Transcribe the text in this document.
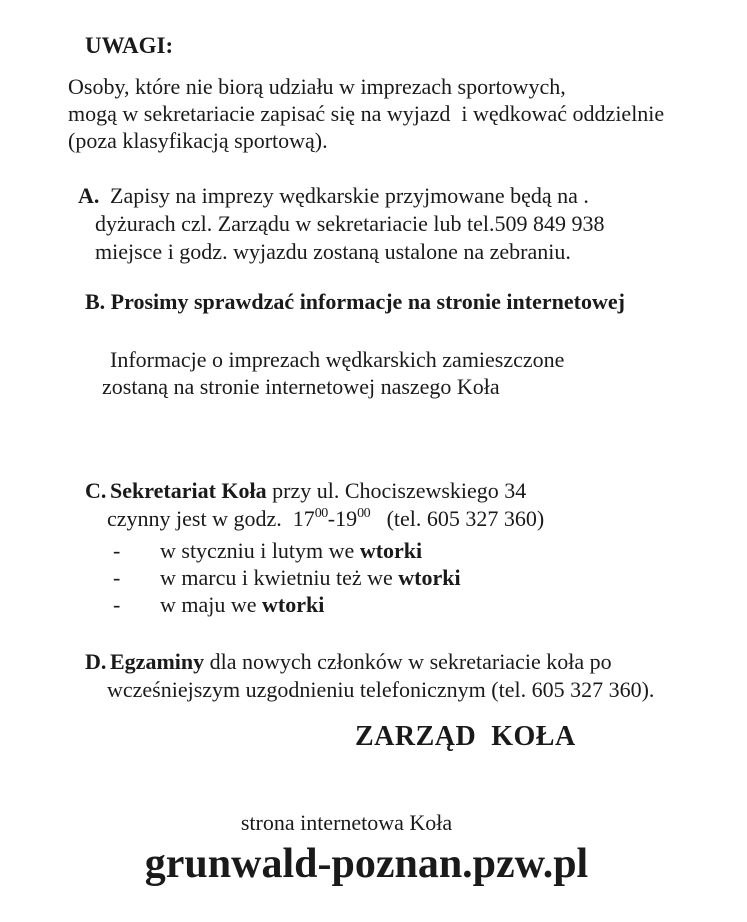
UWAGI:
Osoby, które nie biorą udziału w imprezach sportowych,
mogą w sekretariacie zapisać się na wyjazd  i wędkować oddzielnie
(poza klasyfikacją sportową).
A. Zapisy na imprezy wędkarskie przyjmowane będą na .
dyżurach czl. Zarządu w sekretariacie lub tel.509 849 938
miejsce i godz. wyjazdu zostaną ustalone na zebraniu.
B. Prosimy sprawdzać informacje na stronie internetowej
Informacje o imprezach wędkarskich zamieszczone
zostaną na stronie internetowej naszego Koła
C. Sekretariat Koła przy ul. Chociszewskiego 34
czynny jest w godz.  $17^{00}-19^{00}$   (tel. 605 327 360)
- w styczniu i lutym we wtorki
- w marcu i kwietniu też we wtorki
- w maju we wtorki
D. Egzaminy dla nowych członków w sekretariacie koła po
wcześniejszym uzgodnieniu telefonicznym (tel. 605 327 360).
ZARZĄD  KOŁA
strona internetowa Koła
grunwald-poznan.pzw.pl
